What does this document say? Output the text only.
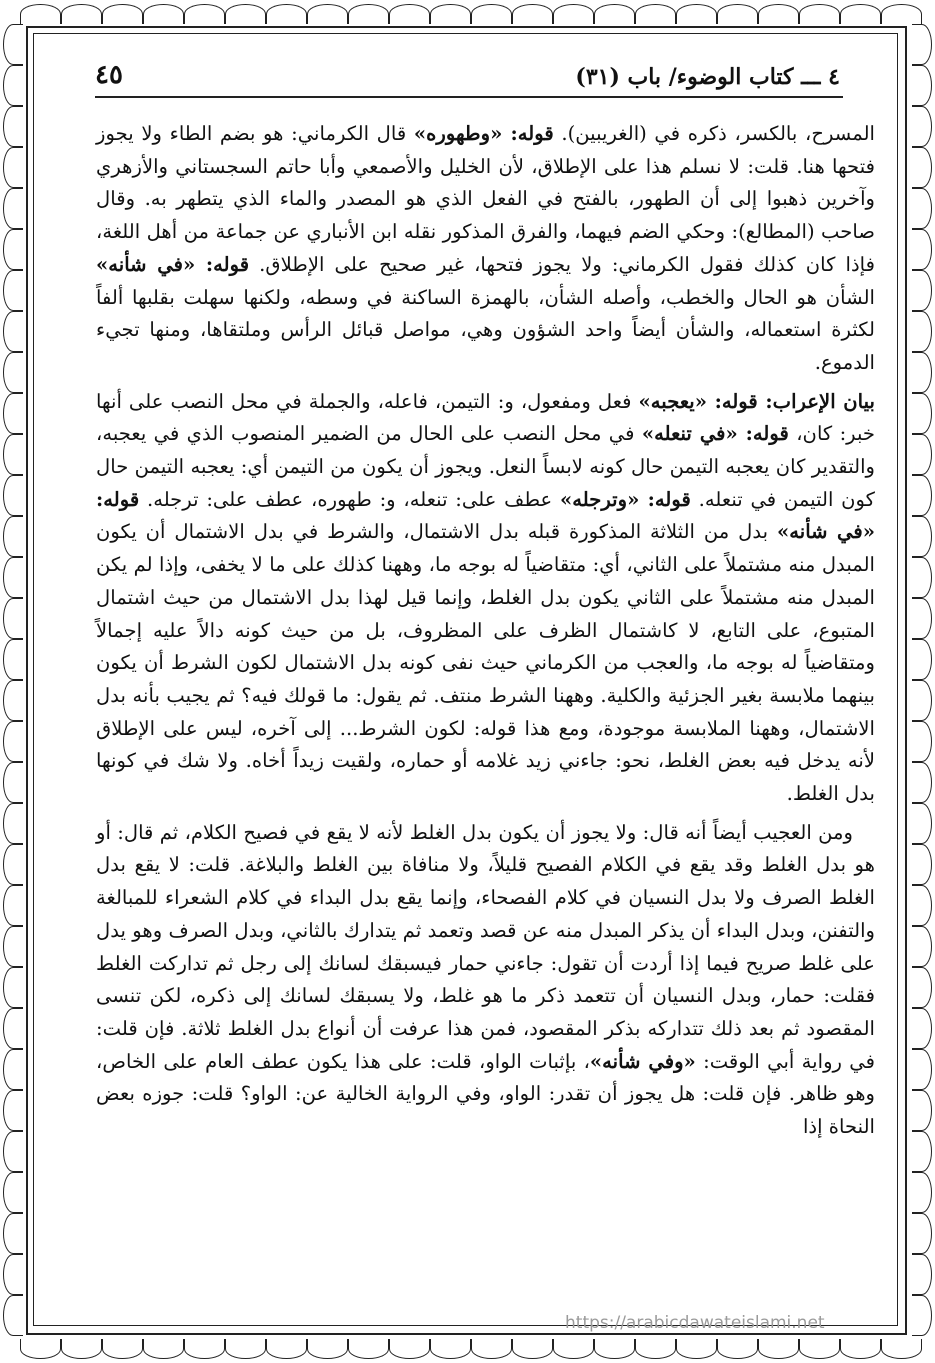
٤ ـــ كتاب الوضوء/ باب (٣١)
٤٥

المسرح، بالكسر، ذكره في (الغريبين). قوله: «وطهوره» قال الكرماني: هو بضم الطاء ولا يجوز فتحها هنا. قلت: لا نسلم هذا على الإطلاق، لأن الخليل والأصمعي وأبا حاتم السجستاني والأزهري وآخرين ذهبوا إلى أن الطهور، بالفتح في الفعل الذي هو المصدر والماء الذي يتطهر به. وقال صاحب (المطالع): وحكي الضم فيهما، والفرق المذكور نقله ابن الأنباري عن جماعة من أهل اللغة، فإذا كان كذلك فقول الكرماني: ولا يجوز فتحها، غير صحيح على الإطلاق. قوله: «في شأنه» الشأن هو الحال والخطب، وأصله الشأن، بالهمزة الساكنة في وسطه، ولكنها سهلت بقلبها ألفاً لكثرة استعماله، والشأن أيضاً واحد الشؤون وهي، مواصل قبائل الرأس وملتقاها، ومنها تجيء الدموع.

بيان الإعراب: قوله: «يعجبه» فعل ومفعول، و: التيمن، فاعله، والجملة في محل النصب على أنها خبر: كان، قوله: «في تنعله» في محل النصب على الحال من الضمير المنصوب الذي في يعجبه، والتقدير كان يعجبه التيمن حال كونه لابساً النعل. ويجوز أن يكون من التيمن أي: يعجبه التيمن حال كون التيمن في تنعله. قوله: «وترجله» عطف على: تنعله، و: طهوره، عطف على: ترجله. قوله: «في شأنه» بدل من الثلاثة المذكورة قبله بدل الاشتمال، والشرط في بدل الاشتمال أن يكون المبدل منه مشتملاً على الثاني، أي: متقاضياً له بوجه ما، وههنا كذلك على ما لا يخفى، وإذا لم يكن المبدل منه مشتملاً على الثاني يكون بدل الغلط، وإنما قيل لهذا بدل الاشتمال من حيث اشتمال المتبوع، على التابع، لا كاشتمال الظرف على المظروف، بل من حيث كونه دالاً عليه إجمالاً ومتقاضياً له بوجه ما، والعجب من الكرماني حيث نفى كونه بدل الاشتمال لكون الشرط أن يكون بينهما ملابسة بغير الجزئية والكلية. وههنا الشرط منتف. ثم يقول: ما قولك فيه؟ ثم يجيب بأنه بدل الاشتمال، وههنا الملابسة موجودة، ومع هذا قوله: لكون الشرط... إلى آخره، ليس على الإطلاق لأنه يدخل فيه بعض الغلط، نحو: جاءني زيد غلامه أو حماره، ولقيت زيداً أخاه. ولا شك في كونها بدل الغلط.

ومن العجيب أيضاً أنه قال: ولا يجوز أن يكون بدل الغلط لأنه لا يقع في فصيح الكلام، ثم قال: أو هو بدل الغلط وقد يقع في الكلام الفصيح قليلاً، ولا منافاة بين الغلط والبلاغة. قلت: لا يقع بدل الغلط الصرف ولا بدل النسيان في كلام الفصحاء، وإنما يقع بدل البداء في كلام الشعراء للمبالغة والتفنن، وبدل البداء أن يذكر المبدل منه عن قصد وتعمد ثم يتدارك بالثاني، وبدل الصرف وهو يدل على غلط صريح فيما إذا أردت أن تقول: جاءني حمار فيسبقك لسانك إلى رجل ثم تداركت الغلط فقلت: حمار، وبدل النسيان أن تتعمد ذكر ما هو غلط، ولا يسبقك لسانك إلى ذكره، لكن تنسى المقصود ثم بعد ذلك تتداركه بذكر المقصود، فمن هذا عرفت أن أنواع بدل الغلط ثلاثة. فإن قلت: في رواية أبي الوقت: «وفي شأنه»، بإثبات الواو، قلت: على هذا يكون عطف العام على الخاص، وهو ظاهر. فإن قلت: هل يجوز أن تقدر: الواو، وفي الرواية الخالية عن: الواو؟ قلت: جوزه بعض النحاة إذا

https://arabicdawateislami.net
